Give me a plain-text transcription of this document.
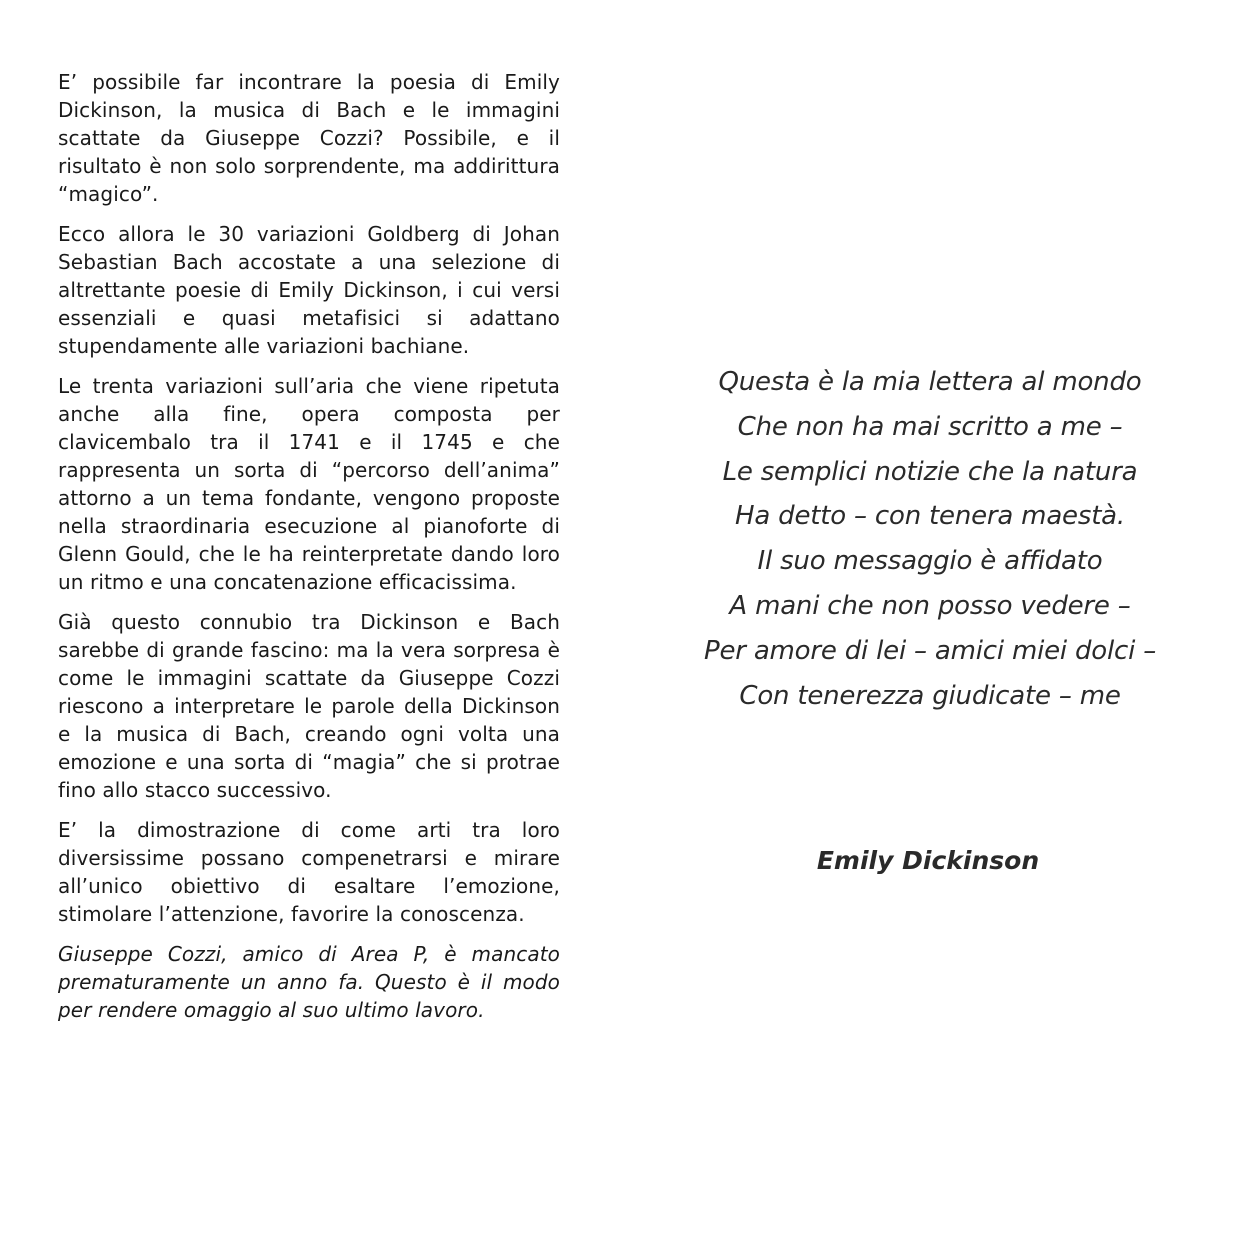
E’ possibile far incontrare la poesia di Emily Dickinson, la musica di Bach e le immagini scattate da Giuseppe Cozzi? Possibile, e il risultato è non solo sorprendente, ma addirittura “magico”.

Ecco allora le 30 variazioni Goldberg di Johan Sebastian Bach accostate a una selezione di altrettante poesie di Emily Dickinson, i cui versi essenziali e quasi metafisici si adattano stupendamente alle variazioni bachiane.

Le trenta variazioni sull’aria che viene ripetuta anche alla fine, opera composta per clavicembalo tra il 1741 e il 1745 e che rappresenta un sorta di “percorso dell’anima” attorno a un tema fondante, vengono proposte nella straordinaria esecuzione al pianoforte di Glenn Gould, che le ha reinterpretate dando loro un ritmo e una concatenazione efficacissima.

Già questo connubio tra Dickinson e Bach sarebbe di grande fascino: ma la vera sorpresa è come le immagini scattate da Giuseppe Cozzi riescono a interpretare le parole della Dickinson e la musica di Bach, creando ogni volta una emozione e una sorta di “magia” che si protrae fino allo stacco successivo.

E’ la dimostrazione di come arti tra loro diversissime possano compenetrarsi e mirare all’unico obiettivo di esaltare l’emozione, stimolare l’attenzione, favorire la conoscenza.

Giuseppe Cozzi, amico di Area P, è mancato prematuramente un anno fa. Questo è il modo per rendere omaggio al suo ultimo lavoro.

Questa è la mia lettera al mondo
Che non ha mai scritto a me –
Le semplici notizie che la natura
Ha detto – con tenera maestà.
Il suo messaggio è affidato
A mani che non posso vedere –
Per amore di lei – amici miei dolci –
Con tenerezza giudicate – me
Emily Dickinson
